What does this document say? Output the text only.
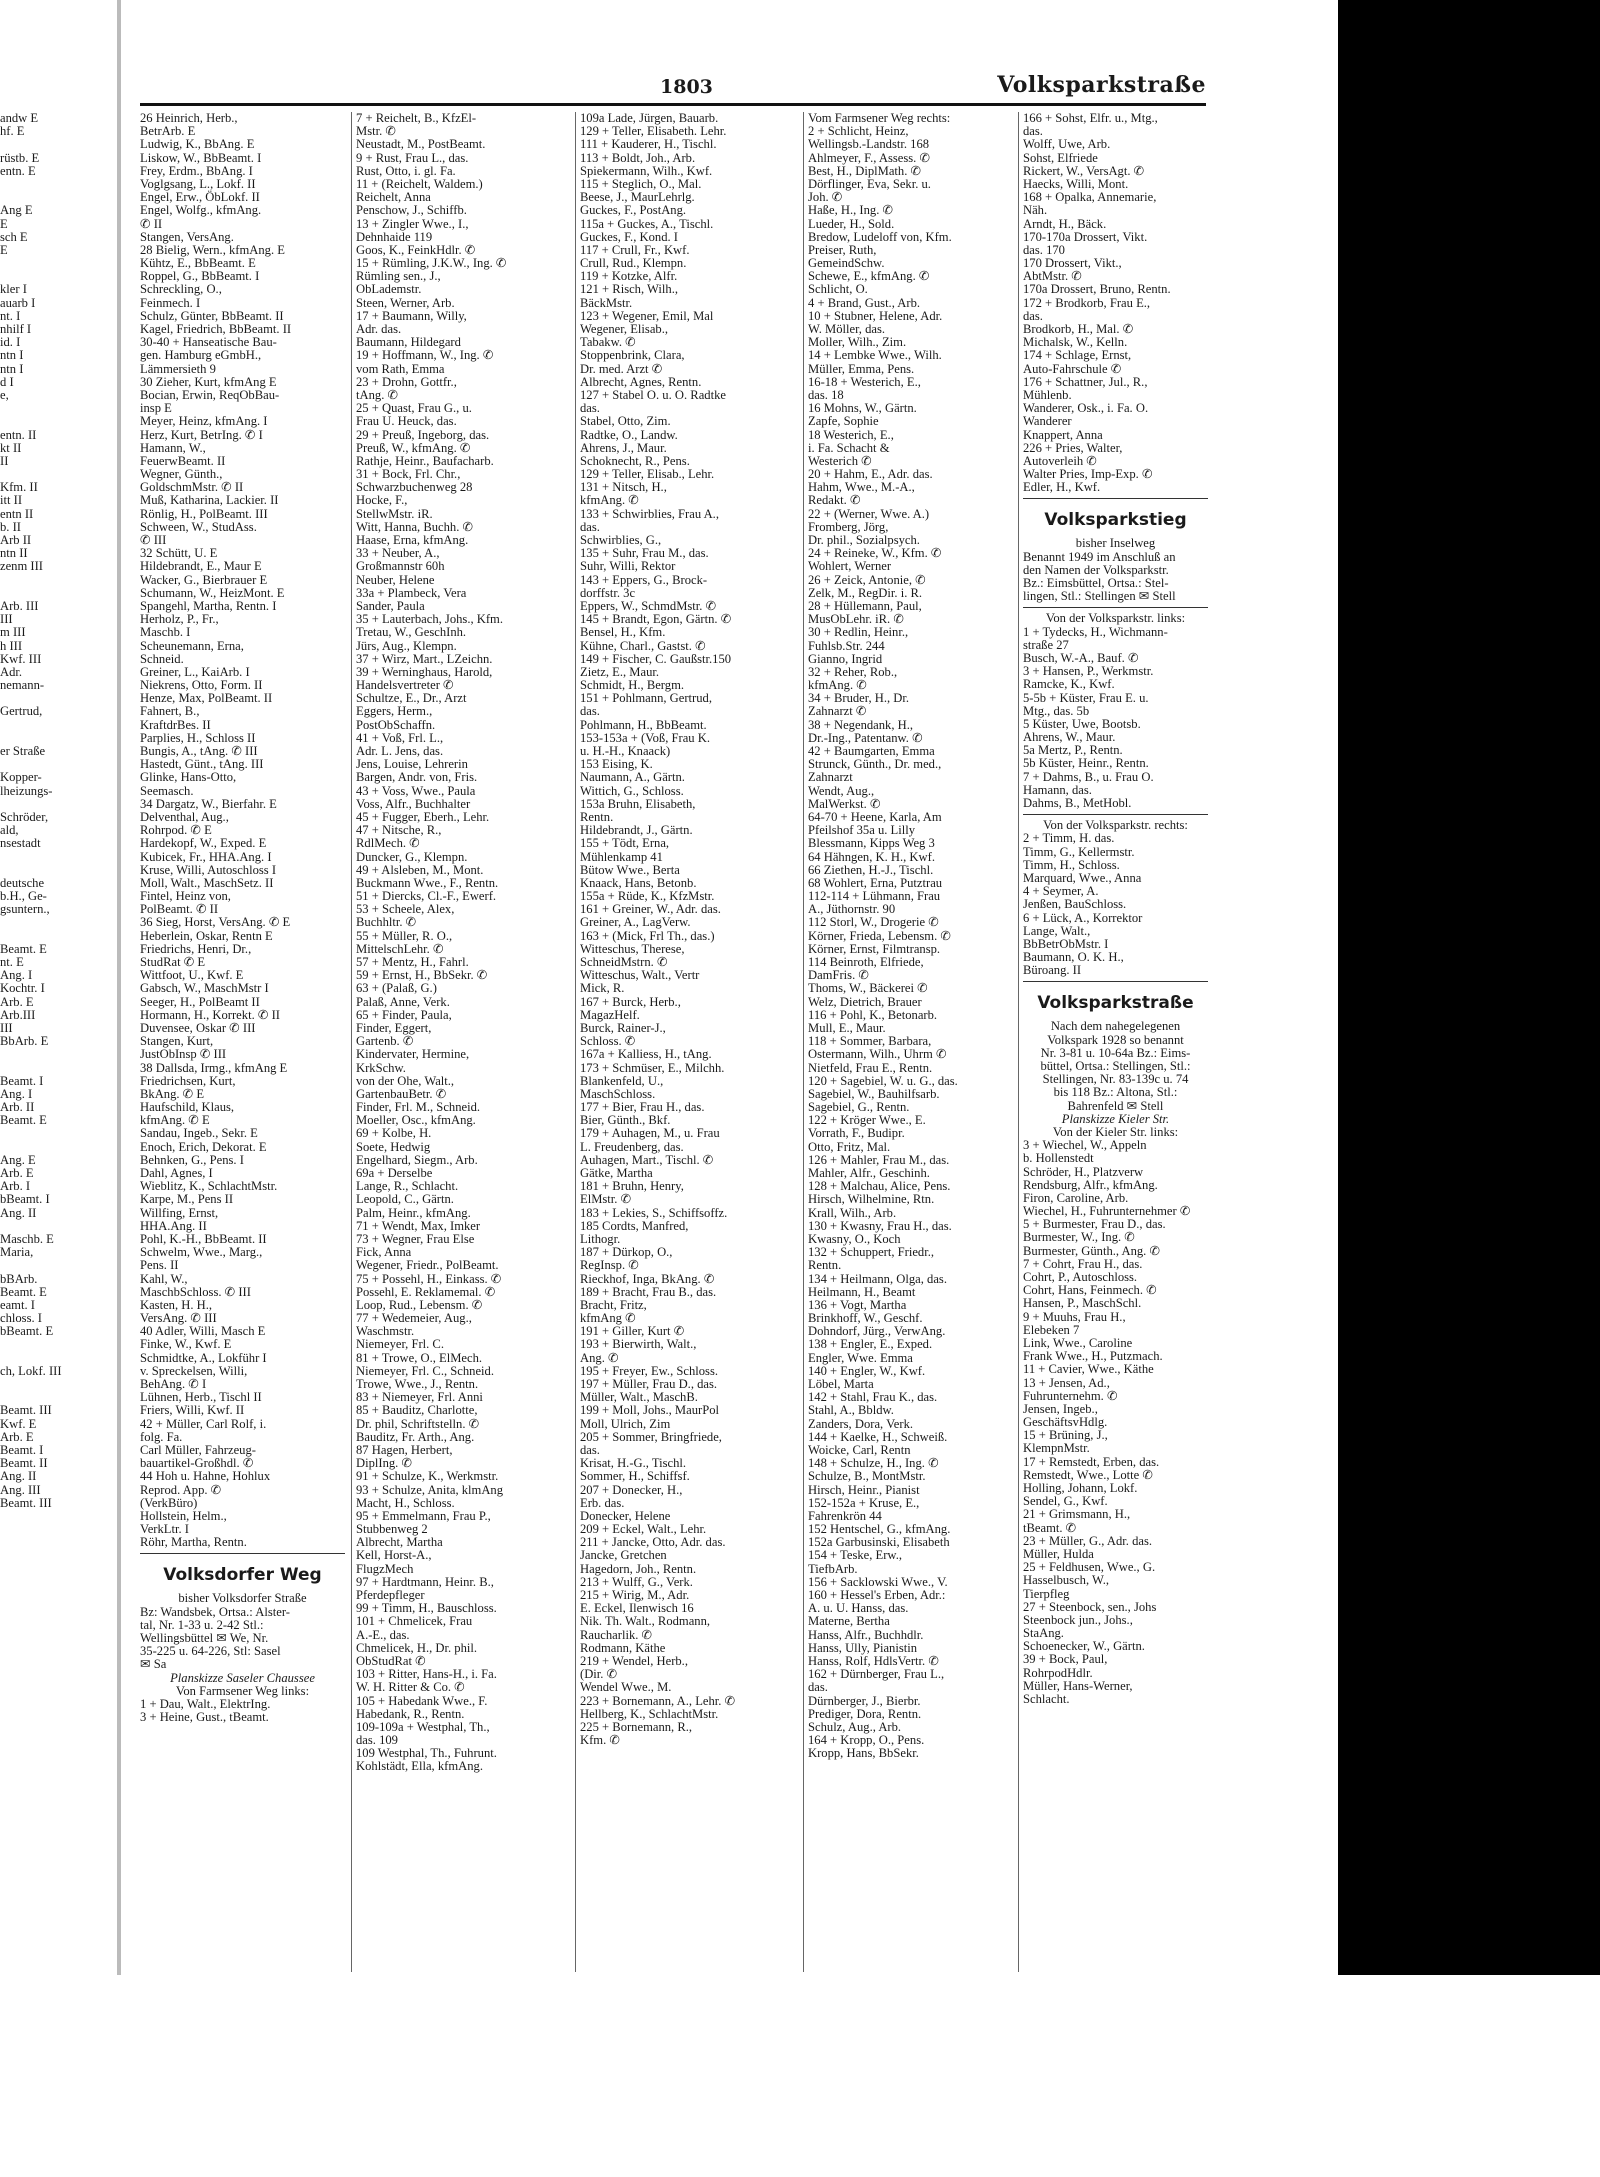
andw E
hf. E
rüstb. E
entn. E
Ang E
E
sch E
E
kler I
auarb I
nt. I
nhilf I
id. I
ntn I
ntn I
d I
e,
entn. II
kt II
II
Kfm. II
itt II
entn II
b. II
Arb II
ntn II
zenm III
Arb. III
III
m III
h III
Kwf. III
Adr.
nemann-
Gertrud,
er Straße
Kopper-
lheizungs-
Schröder,
ald,
nsestadt
deutsche
b.H., Ge-
gsuntern.,
Beamt. E
nt. E
Ang. I
Kochtr. I
Arb. E
Arb.III
III
BbArb. E
Beamt. I
Ang. I
Arb. II
Beamt. E
Ang. E
Arb. E
Arb. I
bBeamt. I
Ang. II
Maschb. E
Maria,
bBArb.
Beamt. E
eamt. I
chloss. I
bBeamt. E
ch, Lokf. III
Beamt. III
Kwf. E
Arb. E
Beamt. I
Beamt. II
Ang. II
Ang. III
Beamt. III
1803	Volksparkstraße
26 Heinrich, Herb.,
BetrArb. E
Ludwig, K., BbAng. E
Liskow, W., BbBeamt. I
Frey, Erdm., BbAng. I
Voglgsang, L., Lokf. II
Engel, Erw., ÖbLokf. II
Engel, Wolfg., kfmAng.
✆ II
Stangen, VersAng.
28 Bielig, Wern., kfmAng. E
Kühtz, E., BbBeamt. E
Roppel, G., BbBeamt. I
Schreckling, O.,
Feinmech. I
Schulz, Günter, BbBeamt. II
Kagel, Friedrich, BbBeamt. II
30-40 + Hanseatische Bau-
gen. Hamburg eGmbH.,
Lämmersieth 9
30 Zieher, Kurt, kfmAng E
Bocian, Erwin, ReqObBau-
insp E
Meyer, Heinz, kfmAng. I
Herz, Kurt, BetrIng. ✆ I
Hamann, W.,
FeuerwBeamt. II
Wegner, Günth.,
GoldschmMstr. ✆ II
Muß, Katharina, Lackier. II
Rönlig, H., PolBeamt. III
Schween, W., StudAss.
✆ III
32 Schütt, U. E
Hildebrandt, E., Maur E
Wacker, G., Bierbrauer E
Schumann, W., HeizMont. E
Spangehl, Martha, Rentn. I
Herholz, P., Fr.,
Maschb. I
Scheunemann, Erna,
Schneid.
Greiner, L., KaiArb. I
Niekrens, Otto, Form. II
Henze, Max, PolBeamt. II
Fahnert, B.,
KraftdrBes. II
Parplies, H., Schloss II
Bungis, A., tAng. ✆ III
Hastedt, Günt., tAng. III
Glinke, Hans-Otto,
Seemasch.
34 Dargatz, W., Bierfahr. E
Delventhal, Aug.,
Rohrpod. ✆ E
Hardekopf, W., Exped. E
Kubicek, Fr., HHA.Ang. I
Kruse, Willi, Autoschloss I
Moll, Walt., MaschSetz. II
Fintel, Heinz von,
PolBeamt. ✆ II
36 Sieg, Horst, VersAng. ✆ E
Heberlein, Oskar, Rentn E
Friedrichs, Henri, Dr.,
StudRat ✆ E
Wittfoot, U., Kwf. E
Gabsch, W., MaschMstr I
Seeger, H., PolBeamt II
Hormann, H., Korrekt. ✆ II
Duvensee, Oskar ✆ III
Stangen, Kurt,
JustObInsp ✆ III
38 Dallsda, Irmg., kfmAng E
Friedrichsen, Kurt,
BkAng. ✆ E
Haufschild, Klaus,
kfmAng. ✆ E
Sandau, Ingeb., Sekr. E
Enoch, Erich, Dekorat. E
Behnken, G., Pens. I
Dahl, Agnes, I
Wieblitz, K., SchlachtMstr.
Karpe, M., Pens II
Willfing, Ernst,
HHA.Ang. II
Pohl, K.-H., BbBeamt. II
Schwelm, Wwe., Marg.,
Pens. II
Kahl, W.,
MaschbSchloss. ✆ III
Kasten, H. H.,
VersAng. ✆ III
40 Adler, Willi, Masch E
Finke, W., Kwf. E
Schmidtke, A., Lokführ I
v. Spreckelsen, Willi,
BehAng. ✆ I
Lühnen, Herb., Tischl II
Friers, Willi, Kwf. II
42 + Müller, Carl Rolf, i.
folg. Fa.
Carl Müller, Fahrzeug-
bauartikel-Großhdl. ✆
44 Hoh u. Hahne, Hohlux
Reprod. App. ✆
(VerkBüro)
Hollstein, Helm.,
VerkLtr. I
Röhr, Martha, Rentn.
Volksdorfer Weg
bisher Volksdorfer Straße
Bz: Wandsbek, Ortsa.: Alster-
tal, Nr. 1-33 u. 2-42 Stl.:
Wellingsbüttel ✉ We, Nr.
35-225 u. 64-226, Stl: Sasel
✉ Sa
Planskizze Saseler Chaussee
Von Farmsener Weg links:
1 + Dau, Walt., ElektrIng.
3 + Heine, Gust., tBeamt.
7 + Reichelt, B., KfzEl-
Mstr. ✆
Neustadt, M., PostBeamt.
9 + Rust, Frau L., das.
Rust, Otto, i. gl. Fa.
11 + (Reichelt, Waldem.)
Reichelt, Anna
Penschow, J., Schiffb.
13 + Zingler Wwe., I.,
Dehnhaide 119
Goos, K., FeinkHdlr. ✆
15 + Rümling, J.K.W., Ing. ✆
Rümling sen., J.,
ObLademstr.
Steen, Werner, Arb.
17 + Baumann, Willy,
Adr. das.
Baumann, Hildegard
19 + Hoffmann, W., Ing. ✆
vom Rath, Emma
23 + Drohn, Gottfr.,
tAng. ✆
25 + Quast, Frau G., u.
Frau U. Heuck, das.
29 + Preuß, Ingeborg, das.
Preuß, W., kfmAng. ✆
Rathje, Heinr., Baufacharb.
31 + Bock, Frl. Chr.,
Schwarzbuchenweg 28
Hocke, F.,
StellwMstr. iR.
Witt, Hanna, Buchh. ✆
Haase, Erna, kfmAng.
33 + Neuber, A.,
Großmannstr 60h
Neuber, Helene
33a + Plambeck, Vera
Sander, Paula
35 + Lauterbach, Johs., Kfm.
Tretau, W., GeschInh.
Jürs, Aug., Klempn.
37 + Wirz, Mart., LZeichn.
39 + Werninghaus, Harold,
Handelsvertreter ✆
Schultze, E., Dr., Arzt
Eggers, Herm.,
PostObSchaffn.
41 + Voß, Frl. L.,
Adr. L. Jens, das.
Jens, Louise, Lehrerin
Bargen, Andr. von, Fris.
43 + Voss, Wwe., Paula
Voss, Alfr., Buchhalter
45 + Fugger, Eberh., Lehr.
47 + Nitsche, R.,
RdlMech. ✆
Duncker, G., Klempn.
49 + Alsleben, M., Mont.
Buckmann Wwe., F., Rentn.
51 + Diercks, Cl.-F., Ewerf.
53 + Scheele, Alex,
Buchhltr. ✆
55 + Müller, R. O.,
MittelschLehr. ✆
57 + Mentz, H., Fahrl.
59 + Ernst, H., BbSekr. ✆
63 + (Palaß, G.)
Palaß, Anne, Verk.
65 + Finder, Paula,
Finder, Eggert,
Gartenb. ✆
Kindervater, Hermine,
KrkSchw.
von der Ohe, Walt.,
GartenbauBetr. ✆
Finder, Frl. M., Schneid.
Moeller, Osc., kfmAng.
69 + Kolbe, H.
Soete, Hedwig
Engelhard, Siegm., Arb.
69a + Derselbe
Lange, R., Schlacht.
Leopold, C., Gärtn.
Palm, Heinr., kfmAng.
71 + Wendt, Max, Imker
73 + Wegner, Frau Else
Fick, Anna
Wegener, Friedr., PolBeamt.
75 + Possehl, H., Einkass. ✆
Possehl, E. Reklamemal. ✆
Loop, Rud., Lebensm. ✆
77 + Wedemeier, Aug.,
Waschmstr.
Niemeyer, Frl. C.
81 + Trowe, O., ElMech.
Niemeyer, Frl. C., Schneid.
Trowe, Wwe., J., Rentn.
83 + Niemeyer, Frl. Anni
85 + Bauditz, Charlotte,
Dr. phil, Schriftstelln. ✆
Bauditz, Fr. Arth., Ang.
87 Hagen, Herbert,
DiplIng. ✆
91 + Schulze, K., Werkmstr.
93 + Schulze, Anita, klmAng
Macht, H., Schloss.
95 + Emmelmann, Frau P.,
Stubbenweg 2
Albrecht, Martha
Kell, Horst-A.,
FlugzMech
97 + Hardtmann, Heinr. B.,
Pferdepfleger
99 + Timm, H., Bauschloss.
101 + Chmelicek, Frau
A.-E., das.
Chmelicek, H., Dr. phil.
ObStudRat ✆
103 + Ritter, Hans-H., i. Fa.
W. H. Ritter & Co. ✆
105 + Habedank Wwe., F.
Habedank, R., Rentn.
109-109a + Westphal, Th.,
das. 109
109 Westphal, Th., Fuhrunt.
Kohlstädt, Ella, kfmAng.
109a Lade, Jürgen, Bauarb.
129 + Teller, Elisabeth. Lehr.
111 + Kauderer, H., Tischl.
113 + Boldt, Joh., Arb.
Spiekermann, Wilh., Kwf.
115 + Steglich, O., Mal.
Beese, J., MaurLehrlg.
Guckes, F., PostAng.
115a + Guckes, A., Tischl.
Guckes, F., Kond. I
117 + Crull, Fr., Kwf.
Crull, Rud., Klempn.
119 + Kotzke, Alfr.
121 + Risch, Wilh.,
BäckMstr.
123 + Wegener, Emil, Mal
Wegener, Elisab.,
Tabakw. ✆
Stoppenbrink, Clara,
Dr. med. Arzt ✆
Albrecht, Agnes, Rentn.
127 + Stabel O. u. O. Radtke
das.
Stabel, Otto, Zim.
Radtke, O., Landw.
Ahrens, J., Maur.
Schoknecht, R., Pens.
129 + Teller, Elisab., Lehr.
131 + Nitsch, H.,
kfmAng. ✆
133 + Schwirblies, Frau A.,
das.
Schwirblies, G.,
135 + Suhr, Frau M., das.
Suhr, Willi, Rektor
143 + Eppers, G., Brock-
dorffstr. 3c
Eppers, W., SchmdMstr. ✆
145 + Brandt, Egon, Gärtn. ✆
Bensel, H., Kfm.
Kühne, Charl., Gastst. ✆
149 + Fischer, C. Gaußstr.150
Zietz, E., Maur.
Schmidt, H., Bergm.
151 + Pohlmann, Gertrud,
das.
Pohlmann, H., BbBeamt.
153-153a + (Voß, Frau K.
u. H.-H., Knaack)
153 Eising, K.
Naumann, A., Gärtn.
Wittich, G., Schloss.
153a Bruhn, Elisabeth,
Rentn.
Hildebrandt, J., Gärtn.
155 + Tödt, Erna,
Mühlenkamp 41
Bütow Wwe., Berta
Knaack, Hans, Betonb.
155a + Rüde, K., KfzMstr.
161 + Greiner, W., Adr. das.
Greiner, A., LagVerw.
163 + (Mick, Frl Th., das.)
Witteschus, Therese,
SchneidMstrn. ✆
Witteschus, Walt., Vertr
Mick, R.
167 + Burck, Herb.,
MagazHelf.
Burck, Rainer-J.,
Schloss. ✆
167a + Kalliess, H., tAng.
173 + Schmüser, E., Milchh.
Blankenfeld, U.,
MaschSchloss.
177 + Bier, Frau H., das.
Bier, Günth., Bkf.
179 + Auhagen, M., u. Frau
L. Freudenberg, das.
Auhagen, Mart., Tischl. ✆
Gätke, Martha
181 + Bruhn, Henry,
ElMstr. ✆
183 + Lekies, S., Schiffsoffz.
185 Cordts, Manfred,
Lithogr.
187 + Dürkop, O.,
RegInsp. ✆
Rieckhof, Inga, BkAng. ✆
189 + Bracht, Frau B., das.
Bracht, Fritz,
kfmAng ✆
191 + Giller, Kurt ✆
193 + Bierwirth, Walt.,
Ang. ✆
195 + Freyer, Ew., Schloss.
197 + Müller, Frau D., das.
Müller, Walt., MaschB.
199 + Moll, Johs., MaurPol
Moll, Ulrich, Zim
205 + Sommer, Bringfriede,
das.
Krisat, H.-G., Tischl.
Sommer, H., Schiffsf.
207 + Donecker, H.,
Erb. das.
Donecker, Helene
209 + Eckel, Walt., Lehr.
211 + Jancke, Otto, Adr. das.
Jancke, Gretchen
Hagedorn, Joh., Rentn.
213 + Wulff, G., Verk.
215 + Wirig, M., Adr.
E. Eckel, Ilenwisch 16
Nik. Th. Walt., Rodmann,
Raucharlik. ✆
Rodmann, Käthe
219 + Wendel, Herb.,
(Dir. ✆
Wendel Wwe., M.
223 + Bornemann, A., Lehr. ✆
Hellberg, K., SchlachtMstr.
225 + Bornemann, R.,
Kfm. ✆
Vom Farmsener Weg rechts:
2 + Schlicht, Heinz,
Wellingsb.-Landstr. 168
Ahlmeyer, F., Assess. ✆
Best, H., DiplMath. ✆
Dörflinger, Eva, Sekr. u.
Joh. ✆
Haße, H., Ing. ✆
Lueder, H., Sold.
Bredow, Ludeloff von, Kfm.
Preiser, Ruth,
GemeindSchw.
Schewe, E., kfmAng. ✆
Schlicht, O.
4 + Brand, Gust., Arb.
10 + Stubner, Helene, Adr.
W. Möller, das.
Moller, Wilh., Zim.
14 + Lembke Wwe., Wilh.
Müller, Emma, Pens.
16-18 + Westerich, E.,
das. 18
16 Mohns, W., Gärtn.
Zapfe, Sophie
18 Westerich, E.,
i. Fa. Schacht &
Westerich ✆
20 + Hahm, E., Adr. das.
Hahm, Wwe., M.-A.,
Redakt. ✆
22 + (Werner, Wwe. A.)
Fromberg, Jörg,
Dr. phil., Sozialpsych.
24 + Reineke, W., Kfm. ✆
Wohlert, Werner
26 + Zeick, Antonie, ✆
Zelk, M., RegDir. i. R.
28 + Hüllemann, Paul,
MusObLehr. iR. ✆
30 + Redlin, Heinr.,
Fuhlsb.Str. 244
Gianno, Ingrid
32 + Reher, Rob.,
kfmAng. ✆
34 + Bruder, H., Dr.
Zahnarzt ✆
38 + Negendank, H.,
Dr.-Ing., Patentanw. ✆
42 + Baumgarten, Emma
Strunck, Günth., Dr. med.,
Zahnarzt
Wendt, Aug.,
MalWerkst. ✆
64-70 + Heene, Karla, Am
Pfeilshof 35a u. Lilly
Blessmann, Kipps Weg 3
64 Hähngen, K. H., Kwf.
66 Ziethen, H.-J., Tischl.
68 Wohlert, Erna, Putztrau
112-114 + Lühmann, Frau
A., Jüthornstr. 90
112 Storl, W., Drogerie ✆
Körner, Frieda, Lebensm. ✆
Körner, Ernst, Filmtransp.
114 Beinroth, Elfriede,
DamFris. ✆
Thoms, W., Bäckerei ✆
Welz, Dietrich, Brauer
116 + Pohl, K., Betonarb.
Mull, E., Maur.
118 + Sommer, Barbara,
Ostermann, Wilh., Uhrm ✆
Nietfeld, Frau E., Rentn.
120 + Sagebiel, W. u. G., das.
Sagebiel, W., Bauhilfsarb.
Sagebiel, G., Rentn.
122 + Kröger Wwe., E.
Vorrath, F., Budipr.
Otto, Fritz, Mal.
126 + Mahler, Frau M., das.
Mahler, Alfr., Geschinh.
128 + Malchau, Alice, Pens.
Hirsch, Wilhelmine, Rtn.
Krall, Wilh., Arb.
130 + Kwasny, Frau H., das.
Kwasny, O., Koch
132 + Schuppert, Friedr.,
Rentn.
134 + Heilmann, Olga, das.
Heilmann, H., Beamt
136 + Vogt, Martha
Brinkhoff, W., Geschf.
Dohndorf, Jürg., VerwAng.
138 + Engler, E., Exped.
Engler, Wwe. Emma
140 + Engler, W., Kwf.
Löbel, Marta
142 + Stahl, Frau K., das.
Stahl, A., Bbldw.
Zanders, Dora, Verk.
144 + Kaelke, H., Schweiß.
Woicke, Carl, Rentn
148 + Schulze, H., Ing. ✆
Schulze, B., MontMstr.
Hirsch, Heinr., Pianist
152-152a + Kruse, E.,
Fahrenkrön 44
152 Hentschel, G., kfmAng.
152a Garbusinski, Elisabeth
154 + Teske, Erw.,
TiefbArb.
156 + Sacklowski Wwe., V.
160 + Hessel's Erben, Adr.:
A. u. U. Hanss, das.
Materne, Bertha
Hanss, Alfr., Buchhdlr.
Hanss, Ully, Pianistin
Hanss, Rolf, HdlsVertr. ✆
162 + Dürnberger, Frau L.,
das.
Dürnberger, J., Bierbr.
Prediger, Dora, Rentn.
Schulz, Aug., Arb.
164 + Kropp, O., Pens.
Kropp, Hans, BbSekr.
166 + Sohst, Elfr. u., Mtg.,
das.
Wolff, Uwe, Arb.
Sohst, Elfriede
Rickert, W., VersAgt. ✆
Haecks, Willi, Mont.
168 + Opalka, Annemarie,
Näh.
Arndt, H., Bäck.
170-170a Drossert, Vikt.
das. 170
170 Drossert, Vikt.,
AbtMstr. ✆
170a Drossert, Bruno, Rentn.
172 + Brodkorb, Frau E.,
das.
Brodkorb, H., Mal. ✆
Michalsk, W., Kelln.
174 + Schlage, Ernst,
Auto-Fahrschule ✆
176 + Schattner, Jul., R.,
Mühlenb.
Wanderer, Osk., i. Fa. O.
Wanderer
Knappert, Anna
226 + Pries, Walter,
Autoverleih ✆
Walter Pries, Imp-Exp. ✆
Edler, H., Kwf.
Volksparkstieg
bisher Inselweg
Benannt 1949 im Anschluß an
den Namen der Volksparkstr.
Bz.: Eimsbüttel, Ortsa.: Stel-
lingen, Stl.: Stellingen ✉ Stell
Von der Volksparkstr. links:
1 + Tydecks, H., Wichmann-
straße 27
Busch, W.-A., Bauf. ✆
3 + Hansen, P., Werkmstr.
Ramcke, K., Kwf.
5-5b + Küster, Frau E. u.
Mtg., das. 5b
5 Küster, Uwe, Bootsb.
Ahrens, W., Maur.
5a Mertz, P., Rentn.
5b Küster, Heinr., Rentn.
7 + Dahms, B., u. Frau O.
Hamann, das.
Dahms, B., MetHobl.
Von der Volksparkstr. rechts:
2 + Timm, H. das.
Timm, G., Kellermstr.
Timm, H., Schloss.
Marquard, Wwe., Anna
4 + Seymer, A.
Jenßen, BauSchloss.
6 + Lück, A., Korrektor
Lange, Walt.,
BbBetrObMstr. I
Baumann, O. K. H.,
Büroang. II
Volksparkstraße
Nach dem nahegelegenen
Volkspark 1928 so benannt
Nr. 3-81 u. 10-64a Bz.: Eims-
büttel, Ortsa.: Stellingen, Stl.:
Stellingen, Nr. 83-139c u. 74
bis 118 Bz.: Altona, Stl.:
Bahrenfeld ✉ Stell
Planskizze Kieler Str.
Von der Kieler Str. links:
3 + Wiechel, W., Appeln
b. Hollenstedt
Schröder, H., Platzverw
Rendsburg, Alfr., kfmAng.
Firon, Caroline, Arb.
Wiechel, H., Fuhrunternehmer ✆
5 + Burmester, Frau D., das.
Burmester, W., Ing. ✆
Burmester, Günth., Ang. ✆
7 + Cohrt, Frau H., das.
Cohrt, P., Autoschloss.
Cohrt, Hans, Feinmech. ✆
Hansen, P., MaschSchl.
9 + Muuhs, Frau H.,
Elebeken 7
Link, Wwe., Caroline
Frank Wwe., H., Putzmach.
11 + Cavier, Wwe., Käthe
13 + Jensen, Ad.,
Fuhrunternehm. ✆
Jensen, Ingeb.,
GeschäftsvHdlg.
15 + Brüning, J.,
KlempnMstr.
17 + Remstedt, Erben, das.
Remstedt, Wwe., Lotte ✆
Holling, Johann, Lokf.
Sendel, G., Kwf.
21 + Grimsmann, H.,
tBeamt. ✆
23 + Müller, G., Adr. das.
Müller, Hulda
25 + Feldhusen, Wwe., G.
Hasselbusch, W.,
Tierpfleg
27 + Steenbock, sen., Johs
Steenbock jun., Johs.,
StaAng.
Schoenecker, W., Gärtn.
39 + Bock, Paul,
RohrpodHdlr.
Müller, Hans-Werner,
Schlacht.
